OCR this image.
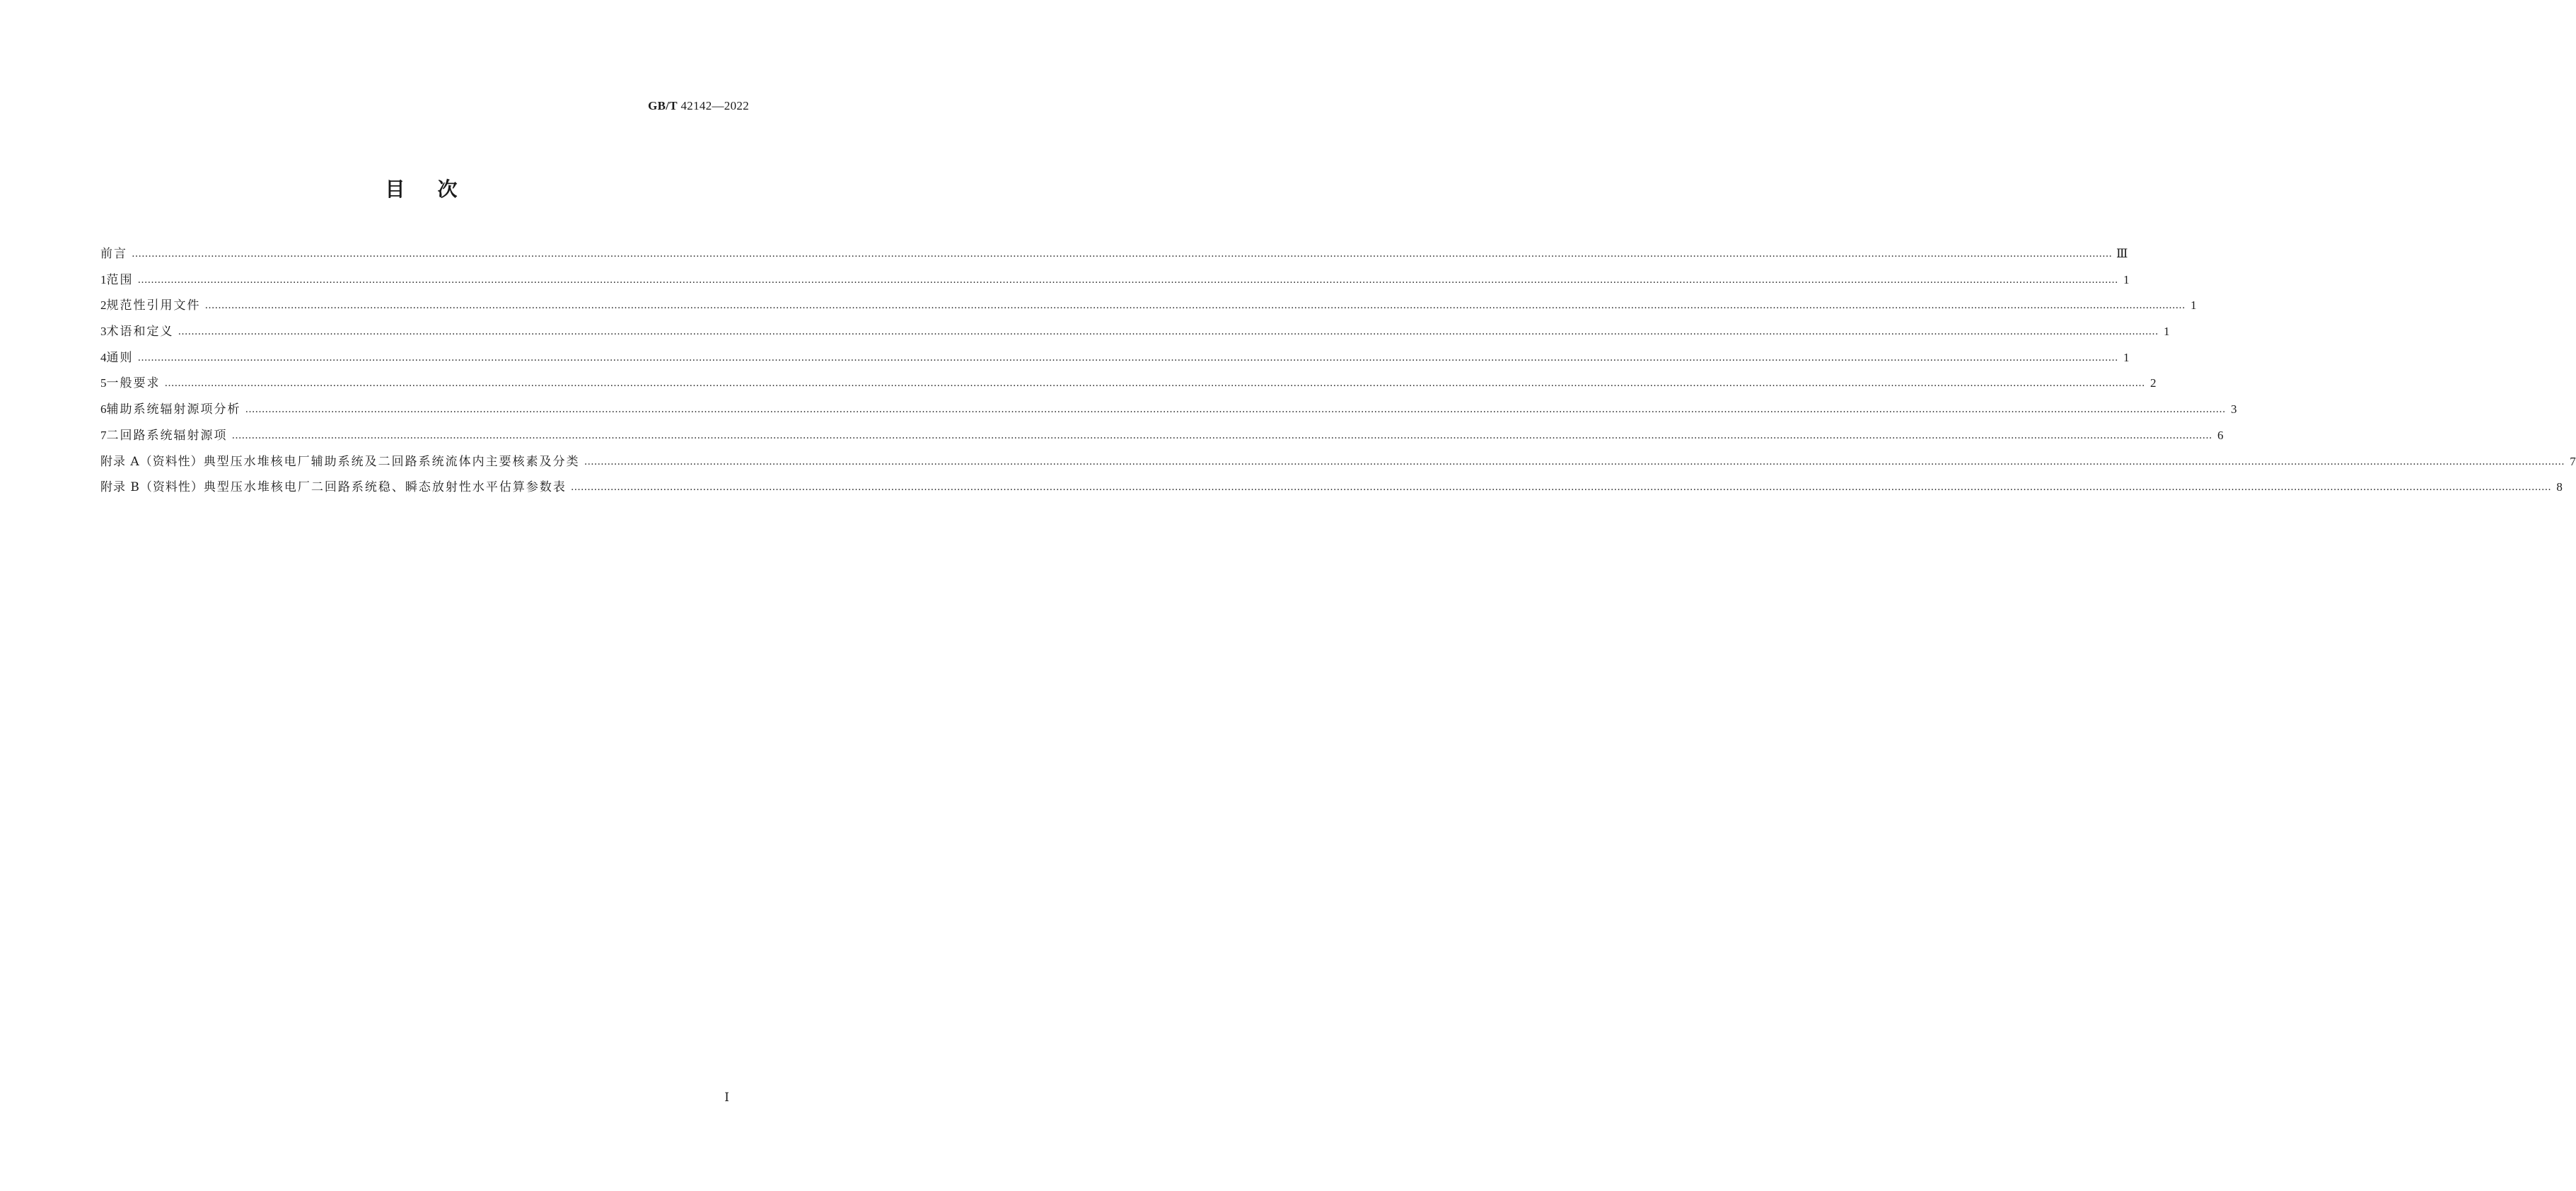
GB/T 42142—2022
目次
前言 …………………………………………………………………………………………………………………………………………………………………………………………………………………………………………………………………………………………………………………………………………………………………………………………………………………………………………………………………………………………………………………………………………………… Ⅲ
1 范围 …………………………………………………………………………………………………………………………………………………………………………………………………………………………………………………………………………………………………………………………………………………………………………………………………………………………………………………………………………………………………………………………………………………… 1
2 规范性引用文件 …………………………………………………………………………………………………………………………………………………………………………………………………………………………………………………………………………………………………………………………………………………………………………………………………………………………………………………………………………………………………………………………………………………… 1
3 术语和定义 …………………………………………………………………………………………………………………………………………………………………………………………………………………………………………………………………………………………………………………………………………………………………………………………………………………………………………………………………………………………………………………………………………………… 1
4 通则 …………………………………………………………………………………………………………………………………………………………………………………………………………………………………………………………………………………………………………………………………………………………………………………………………………………………………………………………………………………………………………………………………………………… 1
5 一般要求 …………………………………………………………………………………………………………………………………………………………………………………………………………………………………………………………………………………………………………………………………………………………………………………………………………………………………………………………………………………………………………………………………………………… 2
6 辅助系统辐射源项分析 …………………………………………………………………………………………………………………………………………………………………………………………………………………………………………………………………………………………………………………………………………………………………………………………………………………………………………………………………………………………………………………………………………………… 3
7 二回路系统辐射源项 …………………………………………………………………………………………………………………………………………………………………………………………………………………………………………………………………………………………………………………………………………………………………………………………………………………………………………………………………………………………………………………………………………………… 6
附录 A（资料性） 典型压水堆核电厂辅助系统及二回路系统流体内主要核素及分类 …………………………………………………………………………………………………………………………………………………………………………………………………………………………………………………………………………………………………………………………………………………………………………………………………………………………………………………………………………………………………………………………………………………… 7
附录 B（资料性） 典型压水堆核电厂二回路系统稳、瞬态放射性水平估算参数表 …………………………………………………………………………………………………………………………………………………………………………………………………………………………………………………………………………………………………………………………………………………………………………………………………………………………………………………………………………………………………………………………………………………… 8
Ⅰ
